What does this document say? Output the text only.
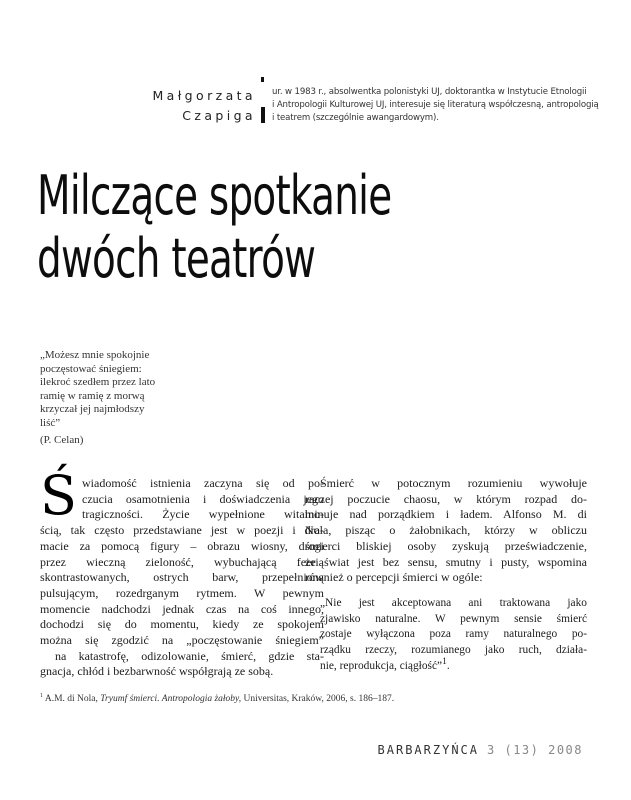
Małgorzata
Czapiga
ur. w 1983 r., absolwentka polonistyki UJ, doktorantka w Instytucie Etnologii
i Antropologii Kulturowej UJ, interesuje się literaturą współczesną, antropologią
i teatrem (szczególnie awangardowym).
Milczące spotkanie
dwóch teatrów
„Możesz mnie spokojnie
poczęstować śniegiem:
ilekroć szedłem przez lato
ramię w ramię z morwą
krzyczał jej najmłodszy
liść”
(P. Celan)
Ś wiadomość istnienia zaczyna się od po-
czucia osamotnienia i doświadczenia jego
tragiczności. Życie wypełnione witalno-
ścią, tak często przedstawiane jest w poezji i dra-
macie za pomocą figury – obrazu wiosny, drogi
przez wieczną zieloność, wybuchającą feerią
skontrastowanych, ostrych barw, przepełnioną
pulsującym, rozedrganym rytmem. W pewnym
momencie nadchodzi jednak czas na coś innego,
dochodzi się do momentu, kiedy ze spokojem
można się zgodzić na „poczęstowanie śniegiem”
na katastrofę, odizolowanie, śmierć, gdzie sta-
gnacja, chłód i bezbarwność współgrają ze sobą.
Śmierć w potocznym rozumieniu wywołuje
raczej poczucie chaosu, w którym rozpad do-
minuje nad porządkiem i ładem. Alfonso M. di
Nola, pisząc o żałobnikach, którzy w obliczu
śmierci bliskiej osoby zyskują przeświadczenie,
że świat jest bez sensu, smutny i pusty, wspomina
również o percepcji śmierci w ogóle:
„Nie jest akceptowana ani traktowana jako
zjawisko naturalne. W pewnym sensie śmierć
zostaje wyłączona poza ramy naturalnego po-
rządku rzeczy, rozumianego jako ruch, działa-
nie, reprodukcja, ciągłość”$^1$.
$^1$ A.M. di Nola, Tryumf śmierci. Antropologia żałoby, Universitas, Kraków, 2006, s. 186–187.
BARBARZYŃCA 3 (13) 2008
